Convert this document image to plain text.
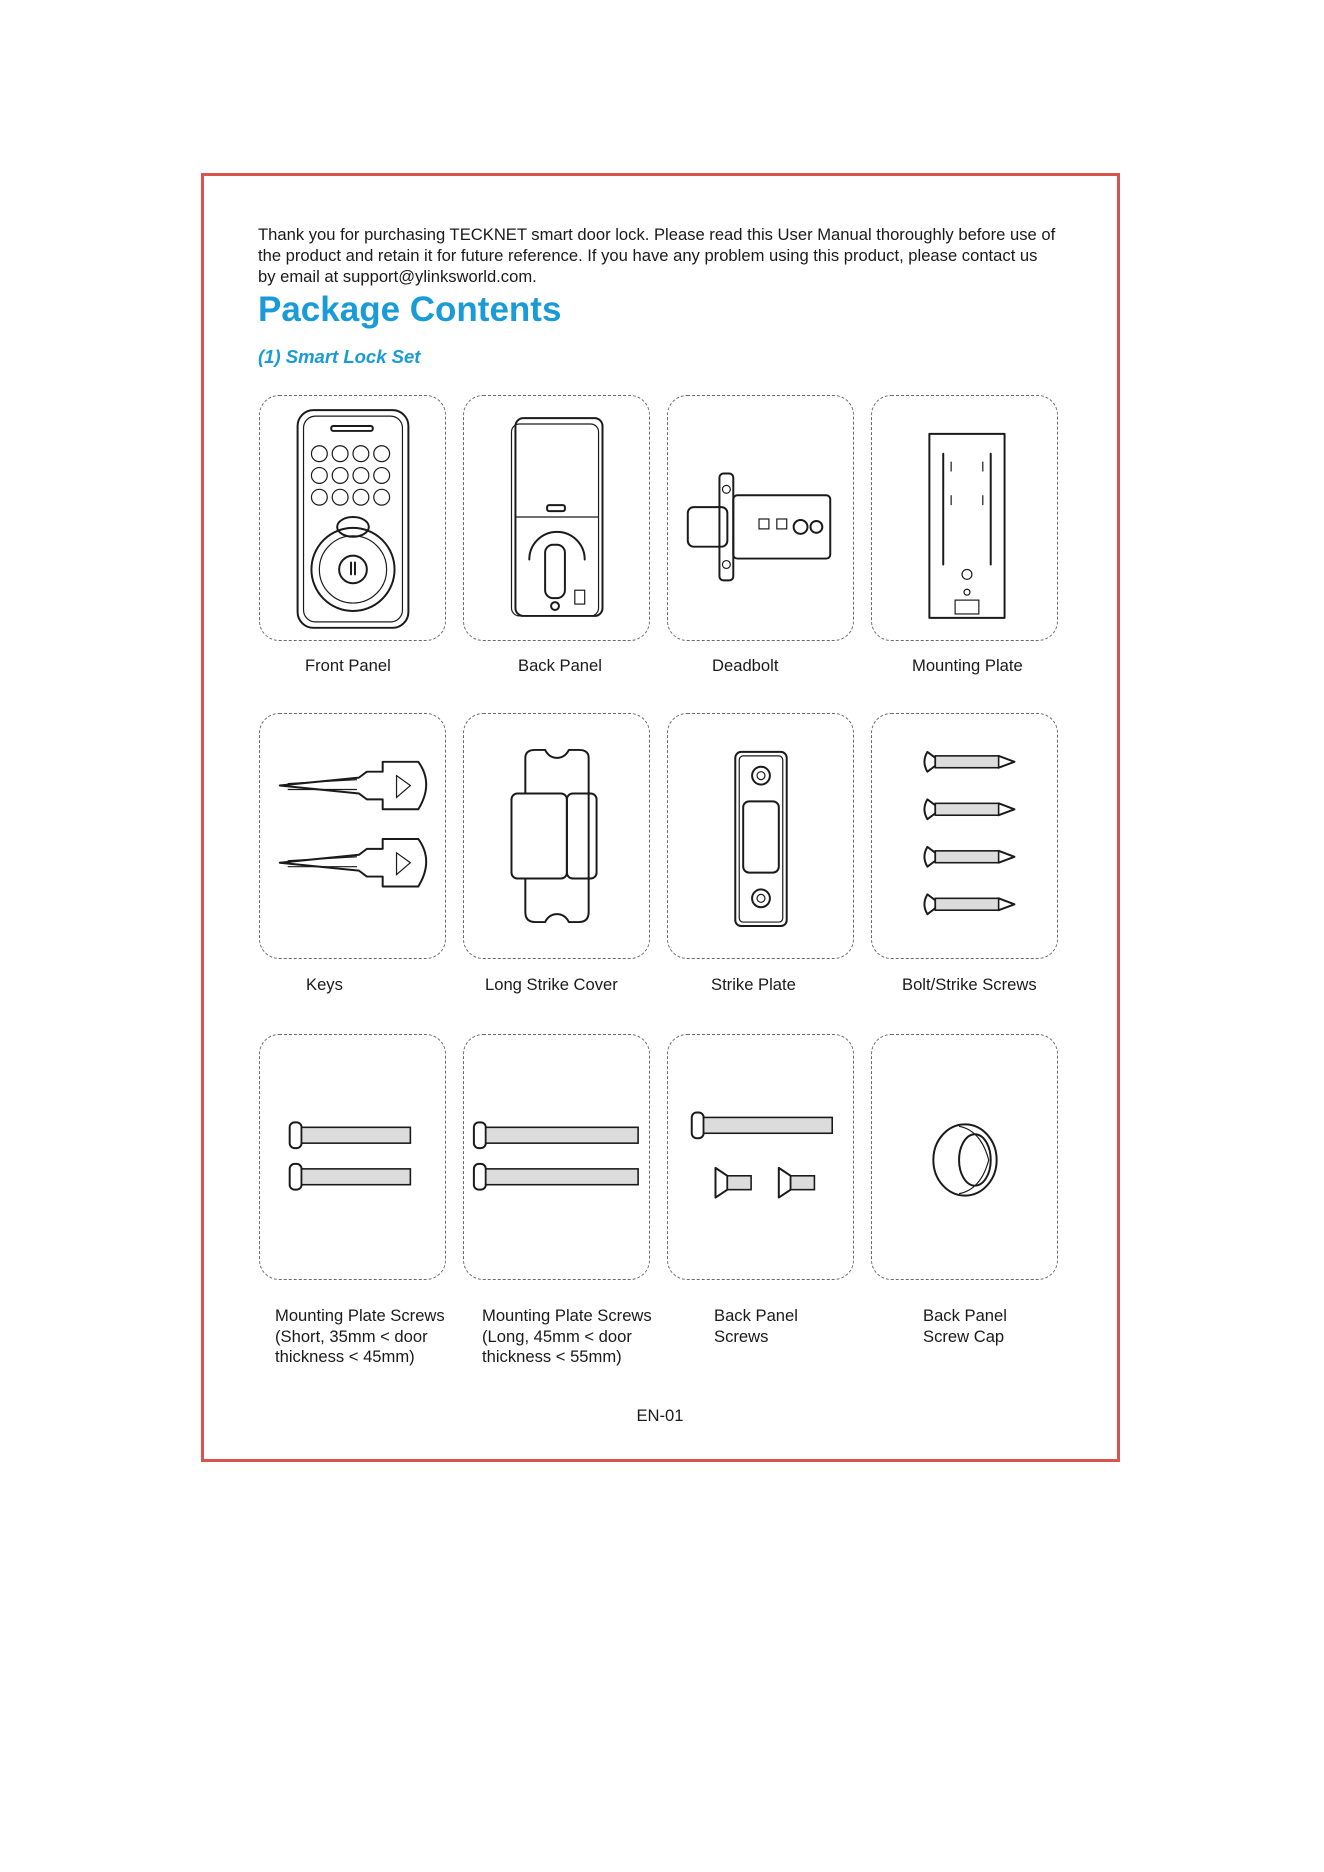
Thank you for purchasing TECKNET smart door lock. Please read this User Manual thoroughly before use of the product and retain it for future reference. If you have any problem using this product, please contact us by email at support@ylinksworld.com.

Package Contents
(1) Smart Lock Set
Front Panel	Back Panel	Deadbolt	Mounting Plate
Keys	Long Strike Cover	Strike Plate	Bolt/Strike Screws
Mounting Plate Screws (Short, 35mm < door thickness < 45mm)
Mounting Plate Screws (Long, 45mm < door thickness < 55mm)
Back Panel Screws
Back Panel Screw Cap
EN-01
